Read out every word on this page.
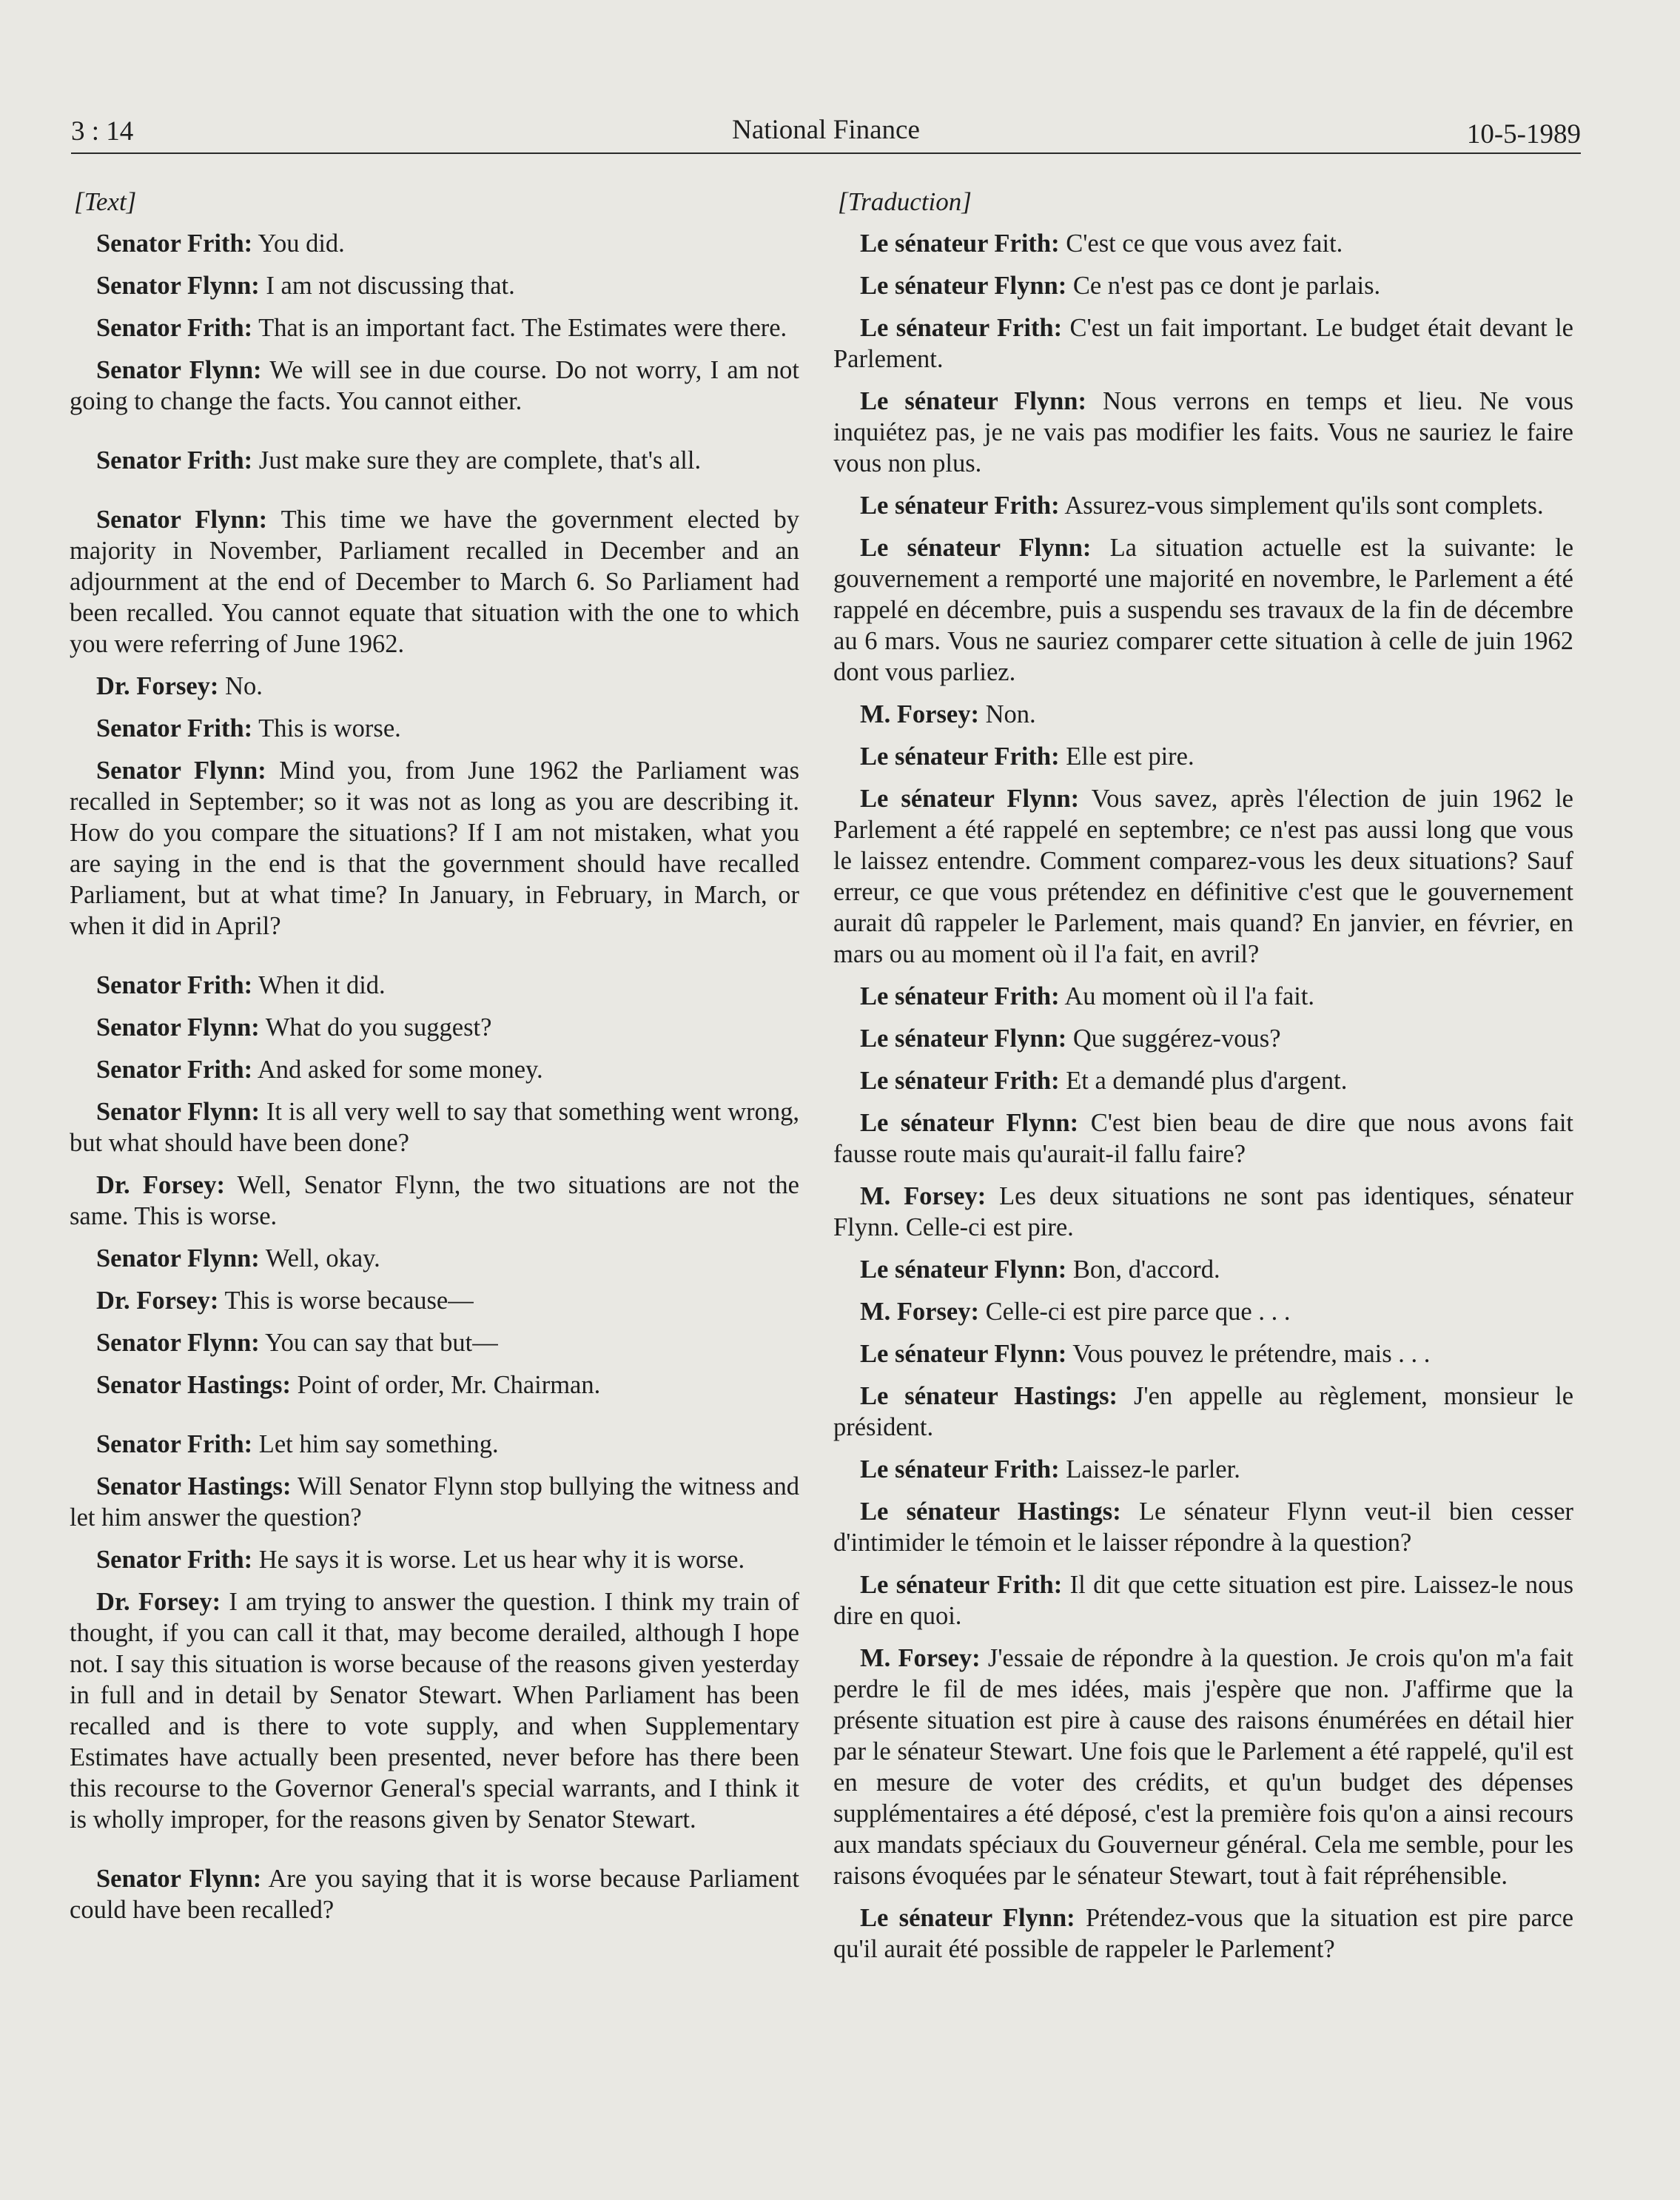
3 : 14	National Finance	10-5-1989
[Text]
Senator Frith: You did.
Senator Flynn: I am not discussing that.
Senator Frith: That is an important fact. The Estimates were there.
Senator Flynn: We will see in due course. Do not worry, I am not going to change the facts. You cannot either.
Senator Frith: Just make sure they are complete, that's all.
Senator Flynn: This time we have the government elected by majority in November, Parliament recalled in December and an adjournment at the end of December to March 6. So Parliament had been recalled. You cannot equate that situation with the one to which you were referring of June 1962.
Dr. Forsey: No.
Senator Frith: This is worse.
Senator Flynn: Mind you, from June 1962 the Parliament was recalled in September; so it was not as long as you are describing it. How do you compare the situations? If I am not mistaken, what you are saying in the end is that the government should have recalled Parliament, but at what time? In January, in February, in March, or when it did in April?
Senator Frith: When it did.
Senator Flynn: What do you suggest?
Senator Frith: And asked for some money.
Senator Flynn: It is all very well to say that something went wrong, but what should have been done?
Dr. Forsey: Well, Senator Flynn, the two situations are not the same. This is worse.
Senator Flynn: Well, okay.
Dr. Forsey: This is worse because—
Senator Flynn: You can say that but—
Senator Hastings: Point of order, Mr. Chairman.
Senator Frith: Let him say something.
Senator Hastings: Will Senator Flynn stop bullying the witness and let him answer the question?
Senator Frith: He says it is worse. Let us hear why it is worse.
Dr. Forsey: I am trying to answer the question. I think my train of thought, if you can call it that, may become derailed, although I hope not. I say this situation is worse because of the reasons given yesterday in full and in detail by Senator Stewart. When Parliament has been recalled and is there to vote supply, and when Supplementary Estimates have actually been presented, never before has there been this recourse to the Governor General's special warrants, and I think it is wholly improper, for the reasons given by Senator Stewart.
Senator Flynn: Are you saying that it is worse because Parliament could have been recalled?
[Traduction]
Le sénateur Frith: C'est ce que vous avez fait.
Le sénateur Flynn: Ce n'est pas ce dont je parlais.
Le sénateur Frith: C'est un fait important. Le budget était devant le Parlement.
Le sénateur Flynn: Nous verrons en temps et lieu. Ne vous inquiétez pas, je ne vais pas modifier les faits. Vous ne sauriez le faire vous non plus.
Le sénateur Frith: Assurez-vous simplement qu'ils sont complets.
Le sénateur Flynn: La situation actuelle est la suivante: le gouvernement a remporté une majorité en novembre, le Parlement a été rappelé en décembre, puis a suspendu ses travaux de la fin de décembre au 6 mars. Vous ne sauriez comparer cette situation à celle de juin 1962 dont vous parliez.
M. Forsey: Non.
Le sénateur Frith: Elle est pire.
Le sénateur Flynn: Vous savez, après l'élection de juin 1962 le Parlement a été rappelé en septembre; ce n'est pas aussi long que vous le laissez entendre. Comment comparez-vous les deux situations? Sauf erreur, ce que vous prétendez en définitive c'est que le gouvernement aurait dû rappeler le Parlement, mais quand? En janvier, en février, en mars ou au moment où il l'a fait, en avril?
Le sénateur Frith: Au moment où il l'a fait.
Le sénateur Flynn: Que suggérez-vous?
Le sénateur Frith: Et a demandé plus d'argent.
Le sénateur Flynn: C'est bien beau de dire que nous avons fait fausse route mais qu'aurait-il fallu faire?
M. Forsey: Les deux situations ne sont pas identiques, sénateur Flynn. Celle-ci est pire.
Le sénateur Flynn: Bon, d'accord.
M. Forsey: Celle-ci est pire parce que . . .
Le sénateur Flynn: Vous pouvez le prétendre, mais . . .
Le sénateur Hastings: J'en appelle au règlement, monsieur le président.
Le sénateur Frith: Laissez-le parler.
Le sénateur Hastings: Le sénateur Flynn veut-il bien cesser d'intimider le témoin et le laisser répondre à la question?
Le sénateur Frith: Il dit que cette situation est pire. Laissez-le nous dire en quoi.
M. Forsey: J'essaie de répondre à la question. Je crois qu'on m'a fait perdre le fil de mes idées, mais j'espère que non. J'affirme que la présente situation est pire à cause des raisons énumérées en détail hier par le sénateur Stewart. Une fois que le Parlement a été rappelé, qu'il est en mesure de voter des crédits, et qu'un budget des dépenses supplémentaires a été déposé, c'est la première fois qu'on a ainsi recours aux mandats spéciaux du Gouverneur général. Cela me semble, pour les raisons évoquées par le sénateur Stewart, tout à fait répréhensible.
Le sénateur Flynn: Prétendez-vous que la situation est pire parce qu'il aurait été possible de rappeler le Parlement?
